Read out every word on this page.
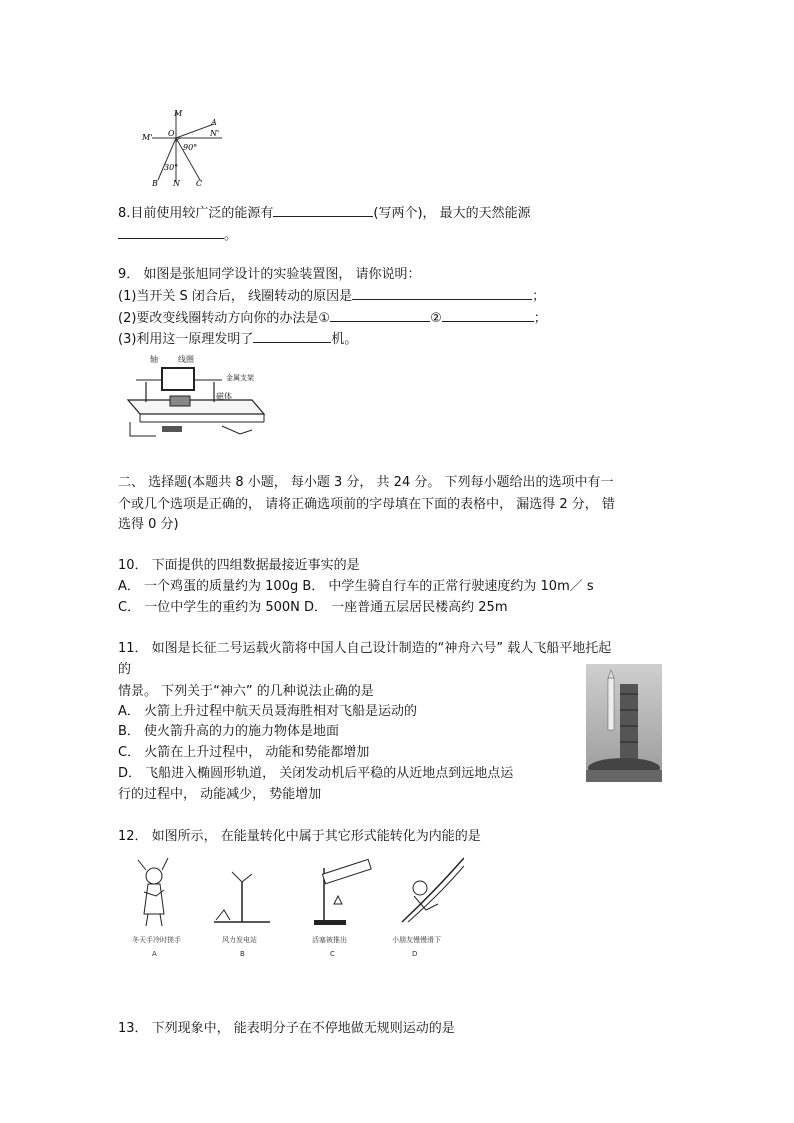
M
M' O
A
N'
90°
30°
B N C
8.目前使用较广泛的能源有	(写两个)， 最大的天然能源
。
9． 如图是张旭同学设计的实验装置图， 请你说明：
(1)当开关 S 闭合后， 线圈转动的原因是	；
(2)要改变线圈转动方向你的办法是①	②	；
(3)利用这一原理发明了	机。
轴	线圈
金属支架
磁体
二、 选择题(本题共 8 小题， 每小题 3 分， 共 24 分。 下列每小题给出的选项中有一
个或几个选项是正确的， 请将正确选项前的字母填在下面的表格中， 漏选得 2 分， 错
选得 0 分)
10． 下面提供的四组数据最接近事实的是
A． 一个鸡蛋的质量约为 100g B． 中学生骑自行车的正常行驶速度约为 10m／ s
C． 一位中学生的重约为 500N D． 一座普通五层居民楼高约 25m
11． 如图是长征二号运载火箭将中国人自己设计制造的“神舟六号” 载人飞船平地托起
的
情景。 下列关于“神六” 的几种说法止确的是
A． 火箭上升过程中航天员聂海胜相对飞船是运动的
B． 使火箭升高的力的施力物体是地面
C． 火箭在上升过程中， 动能和势能都增加
D． 飞船进入椭圆形轨道， 关闭发动机后平稳的从近地点到远地点运
行的过程中， 动能减少， 势能增加
12． 如图所示， 在能量转化中属于其它形式能转化为内能的是
冬天手冷时搓手
A
风力发电站
B
活塞被推出
C
小朋友慢慢滑下
D
13． 下列现象中， 能表明分子在不停地做无规则运动的是
